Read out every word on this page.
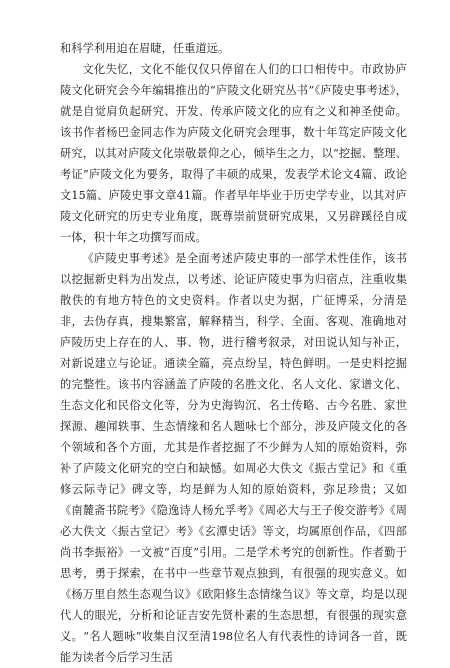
和科学利用迫在眉睫，任重道远。

文化失忆，文化不能仅仅只停留在人们的口口相传中。市政协庐陵文化研究会今年编辑推出的“庐陵文化研究丛书”《庐陵史事考述》，就是自觉肩负起研究、开发、传承庐陵文化的应有之义和神圣使命。该书作者杨巴金同志作为庐陵文化研究会理事，数十年笃定庐陵文化研究，以其对庐陵文化崇敬景仰之心，倾毕生之力，以“挖掘、整理、考证”庐陵文化为要务，取得了丰硕的成果，发表学术论文4篇、政论文15篇、庐陵史事文章41篇。作者早年毕业于历史学专业，以其对庐陵文化研究的历史专业角度，既尊崇前贤研究成果，又另辟蹊径自成一体，积十年之功撰写而成。

《庐陵史事考述》是全面考述庐陵史事的一部学术性佳作，该书以挖掘新史料为出发点，以考述、论证庐陵史事为归宿点，注重收集散佚的有地方特色的文史资料。作者以史为据，广征博采，分清是非，去伪存真，搜集繁富，解释精当，科学、全面、客观、准确地对庐陵历史上存在的人、事、物，进行稽考叙录，对田说认知与补正，对新说建立与论证。通读全篇，亮点纷呈，特色鲜明。一是史料挖掘的完整性。该书内容涵盖了庐陵的名胜文化、名人文化、家谱文化、生态文化和民俗文化等，分为史海钩沉、名士传略、古今名胜、家世探源、趣闻轶事、生态情缘和名人题咏七个部分，涉及庐陵文化的各个领域和各个方面，尤其是作者挖掘了不少鲜为人知的原始资料，弥补了庐陵文化研究的空白和缺憾。如周必大佚文《振古堂记》和《重修云际寺记》碑文等，均是鲜为人知的原始资料，弥足珍贵；又如《南麓斋书院考》《隐逸诗人杨允孚考》《周必大与王子俊交游考》《周必大佚文〈振古堂记〉考》《玄潭史话》等文，均属原创作品，《四部尚书李振裕》一文被“百度”引用。二是学术考究的创新性。作者勤于思考，勇于探索，在书中一些章节观点独到，有很强的现实意义。如《杨万里自然生态观刍议》《欧阳修生态情缘刍议》等文章，均是以现代人的眼光，分析和论证吉安先贤朴素的生态思想，有很强的现实意义。“名人题咏”收集自汉至清198位名人有代表性的诗词各一首，既能为读者今后学习生活
